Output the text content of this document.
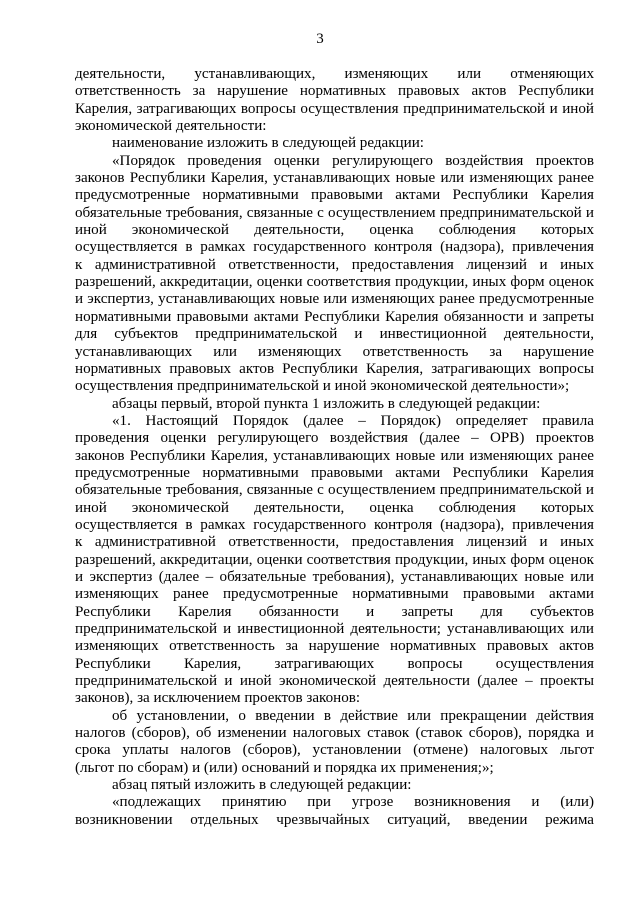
3
деятельности, устанавливающих, изменяющих или отменяющих
ответственность за нарушение нормативных правовых актов Республики
Карелия, затрагивающих вопросы осуществления предпринимательской и иной
экономической деятельности:
наименование изложить в следующей редакции:
«Порядок проведения оценки регулирующего воздействия проектов
законов Республики Карелия, устанавливающих новые или изменяющих ранее
предусмотренные нормативными правовыми актами Республики Карелия
обязательные требования, связанные с осуществлением предпринимательской и
иной экономической деятельности, оценка соблюдения которых
осуществляется в рамках государственного контроля (надзора), привлечения
к административной ответственности, предоставления лицензий и иных
разрешений, аккредитации, оценки соответствия продукции, иных форм оценок
и экспертиз, устанавливающих новые или изменяющих ранее предусмотренные
нормативными правовыми актами Республики Карелия обязанности и запреты
для субъектов предпринимательской и инвестиционной деятельности,
устанавливающих или изменяющих ответственность за нарушение
нормативных правовых актов Республики Карелия, затрагивающих вопросы
осуществления предпринимательской и иной экономической деятельности»;
абзацы первый, второй пункта 1 изложить в следующей редакции:
«1. Настоящий Порядок (далее – Порядок) определяет правила
проведения оценки регулирующего воздействия (далее – ОРВ) проектов
законов Республики Карелия, устанавливающих новые или изменяющих ранее
предусмотренные нормативными правовыми актами Республики Карелия
обязательные требования, связанные с осуществлением предпринимательской и
иной экономической деятельности, оценка соблюдения которых
осуществляется в рамках государственного контроля (надзора), привлечения
к административной ответственности, предоставления лицензий и иных
разрешений, аккредитации, оценки соответствия продукции, иных форм оценок
и экспертиз (далее – обязательные требования), устанавливающих новые или
изменяющих ранее предусмотренные нормативными правовыми актами
Республики Карелия обязанности и запреты для субъектов
предпринимательской и инвестиционной деятельности; устанавливающих или
изменяющих ответственность за нарушение нормативных правовых актов
Республики Карелия, затрагивающих вопросы осуществления
предпринимательской и иной экономической деятельности (далее – проекты
законов), за исключением проектов законов:
об установлении, о введении в действие или прекращении действия
налогов (сборов), об изменении налоговых ставок (ставок сборов), порядка и
срока уплаты налогов (сборов), установлении (отмене) налоговых льгот
(льгот по сборам) и (или) оснований и порядка их применения;»;
абзац пятый изложить в следующей редакции:
«подлежащих принятию при угрозе возникновения и (или)
возникновении отдельных чрезвычайных ситуаций, введении режима
